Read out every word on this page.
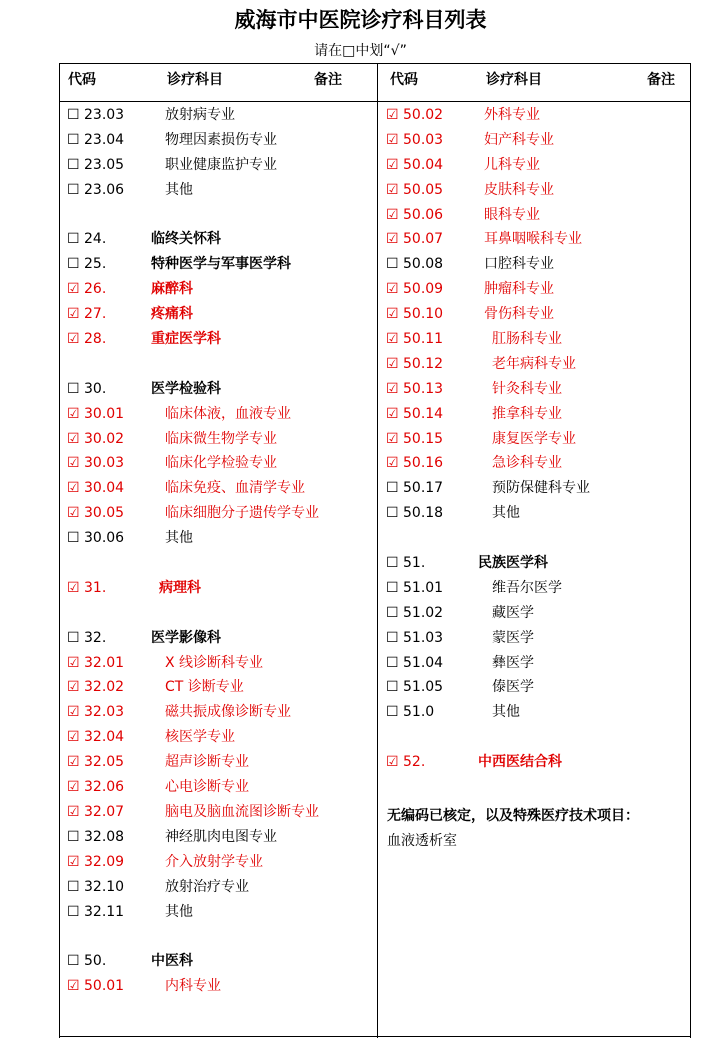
威海市中医院诊疗科目列表
请在□中划“√”
代码	诊疗科目	备注	代码	诊疗科目	备注
☐ 23.03	放射病专业
☐ 23.04	物理因素损伤专业
☐ 23.05	职业健康监护专业
☐ 23.06	其他
☐ 24.	临终关怀科
☐ 25.	特种医学与军事医学科
☑ 26.	麻醉科
☑ 27.	疼痛科
☑ 28.	重症医学科
☐ 30.	医学检验科
☑ 30.01	临床体液，血液专业
☑ 30.02	临床微生物学专业
☑ 30.03	临床化学检验专业
☑ 30.04	临床免疫、血清学专业
☑ 30.05	临床细胞分子遗传学专业
☐ 30.06	其他
☑ 31.	病理科
☐ 32.	医学影像科
☑ 32.01	X 线诊断科专业
☑ 32.02	CT 诊断专业
☑ 32.03	磁共振成像诊断专业
☑ 32.04	核医学专业
☑ 32.05	超声诊断专业
☑ 32.06	心电诊断专业
☑ 32.07	脑电及脑血流图诊断专业
☐ 32.08	神经肌肉电图专业
☑ 32.09	介入放射学专业
☐ 32.10	放射治疗专业
☐ 32.11	其他
☐ 50.	中医科
☑ 50.01	内科专业
☑ 50.02	外科专业
☑ 50.03	妇产科专业
☑ 50.04	儿科专业
☑ 50.05	皮肤科专业
☑ 50.06	眼科专业
☑ 50.07	耳鼻咽喉科专业
☐ 50.08	口腔科专业
☑ 50.09	肿瘤科专业
☑ 50.10	骨伤科专业
☑ 50.11	肛肠科专业
☑ 50.12	老年病科专业
☑ 50.13	针灸科专业
☑ 50.14	推拿科专业
☑ 50.15	康复医学专业
☑ 50.16	急诊科专业
☐ 50.17	预防保健科专业
☐ 50.18	其他
☐ 51.	民族医学科
☐ 51.01	维吾尔医学
☐ 51.02	藏医学
☐ 51.03	蒙医学
☐ 51.04	彝医学
☐ 51.05	傣医学
☐ 51.0	其他
☑ 52.	中西医结合科
无编码已核定，以及特殊医疗技术项目：
血液透析室
